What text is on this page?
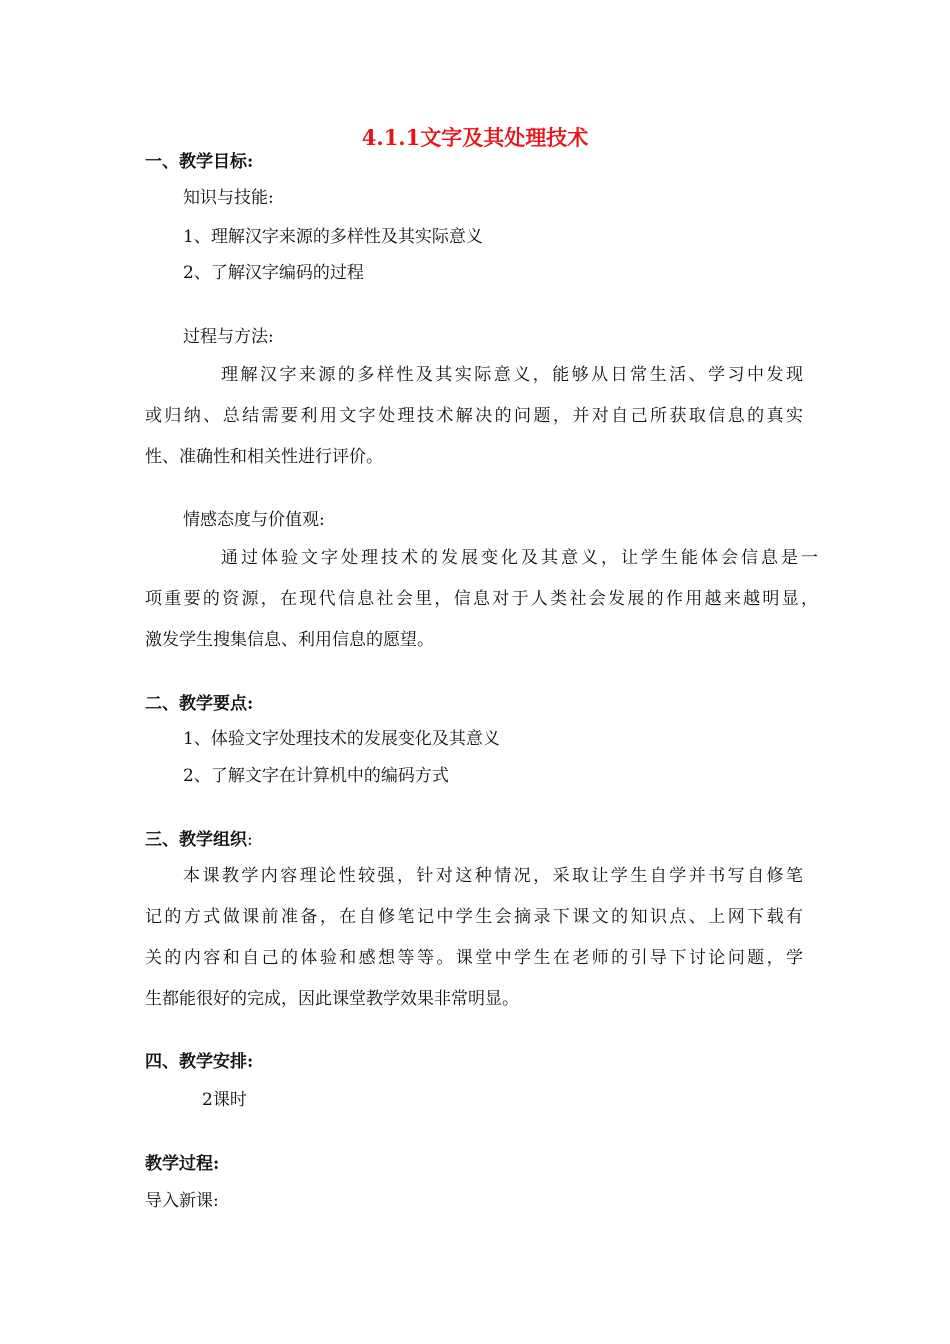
4.1.1文字及其处理技术
一、教学目标:
知识与技能:
1、理解汉字来源的多样性及其实际意义
2、了解汉字编码的过程
过程与方法:
理解汉字来源的多样性及其实际意义，能够从日常生活、学习中发现
或归纳、总结需要利用文字处理技术解决的问题，并对自己所获取信息的真实
性、准确性和相关性进行评价。
情感态度与价值观:
通过体验文字处理技术的发展变化及其意义，让学生能体会信息是一
项重要的资源，在现代信息社会里，信息对于人类社会发展的作用越来越明显，
激发学生搜集信息、利用信息的愿望。
二、教学要点:
1、体验文字处理技术的发展变化及其意义
2、了解文字在计算机中的编码方式
三、教学组织:
本课教学内容理论性较强，针对这种情况，采取让学生自学并书写自修笔
记的方式做课前准备，在自修笔记中学生会摘录下课文的知识点、上网下载有
关的内容和自己的体验和感想等等。课堂中学生在老师的引导下讨论问题，学
生都能很好的完成，因此课堂教学效果非常明显。
四、教学安排:
2课时
教学过程:
导入新课:
